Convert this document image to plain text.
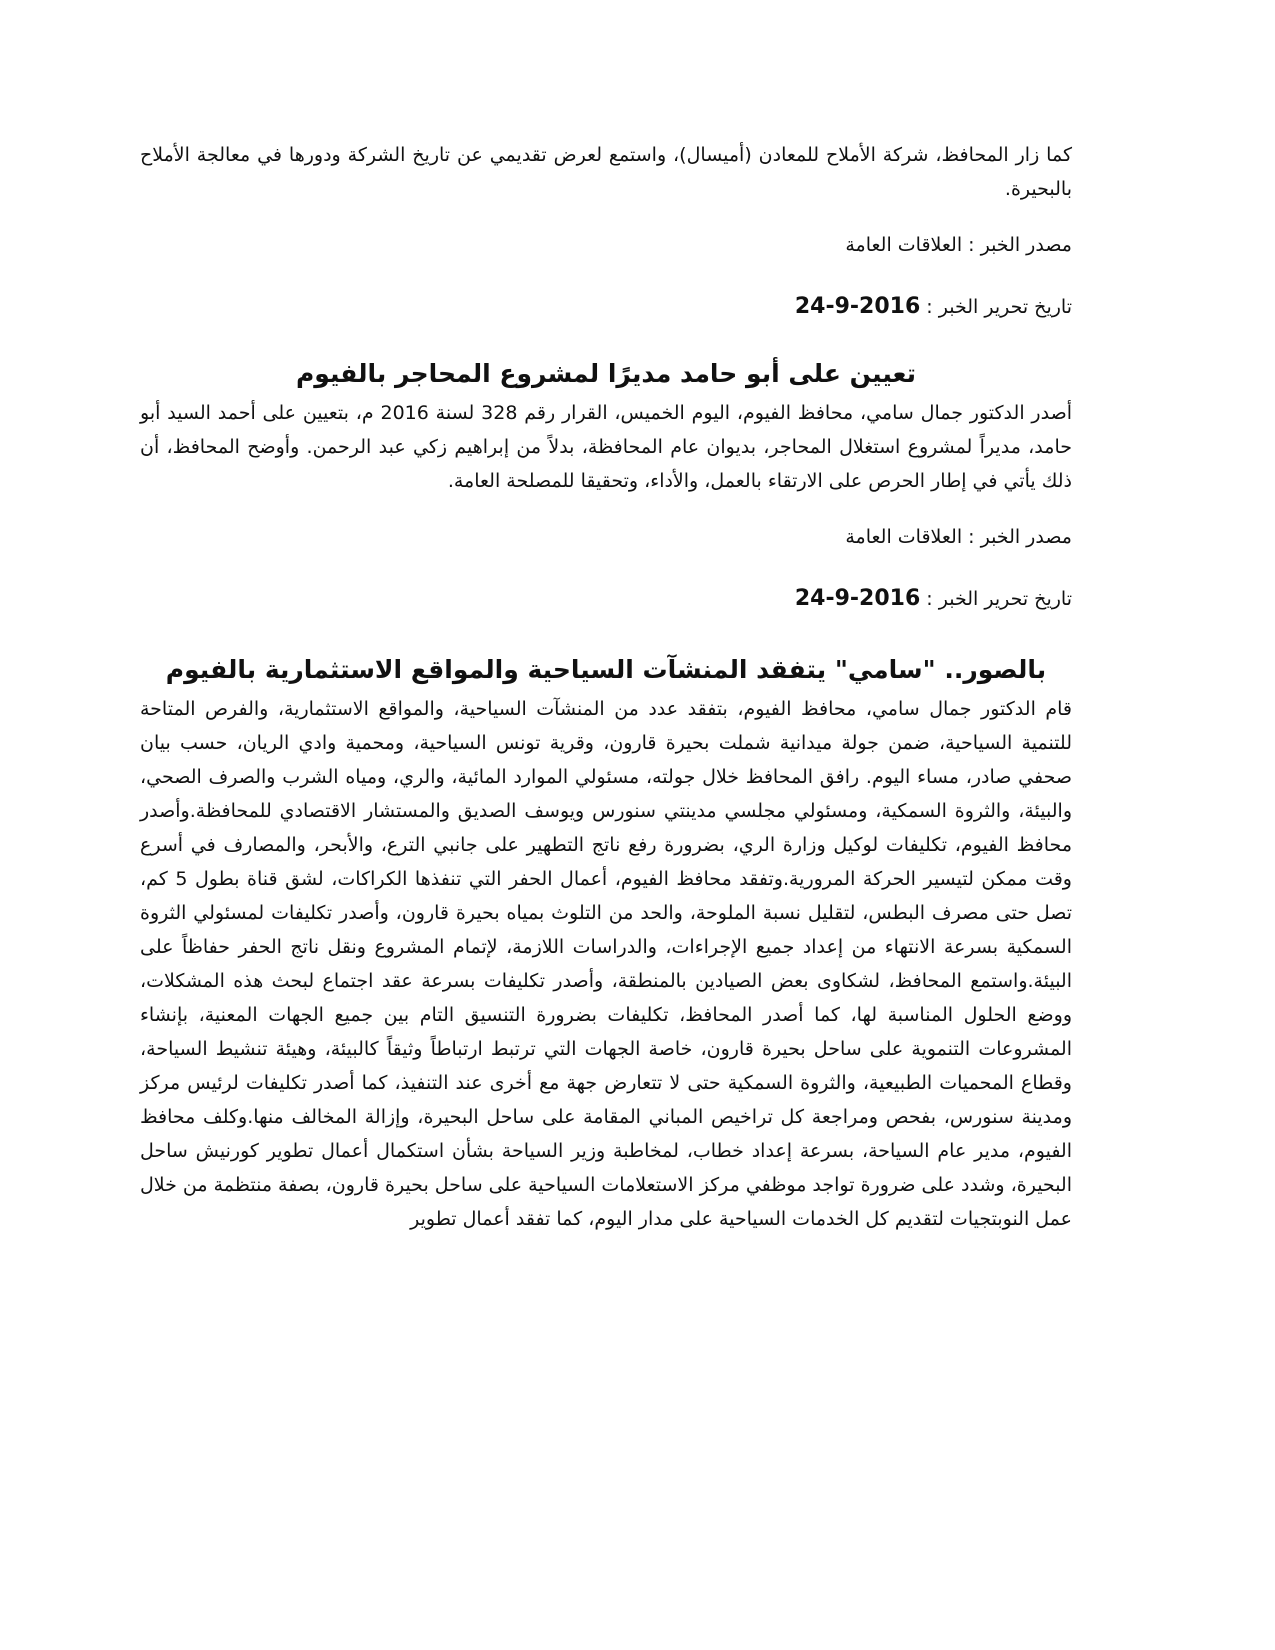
كما زار المحافظ، شركة الأملاح للمعادن (أميسال)، واستمع لعرض تقديمي عن تاريخ الشركة ودورها في معالجة الأملاح بالبحيرة.

مصدر الخبر : العلاقات العامة

تاريخ تحرير الخبر : 24-9-2016

تعيين على أبو حامد مديرًا لمشروع المحاجر بالفيوم

أصدر الدكتور جمال سامي، محافظ الفيوم، اليوم الخميس، القرار رقم 328 لسنة 2016 م، بتعيين على أحمد السيد أبو حامد، مديراً لمشروع استغلال المحاجر، بديوان عام المحافظة، بدلاً من إبراهيم زكي عبد الرحمن. وأوضح المحافظ، أن ذلك يأتي في إطار الحرص على الارتقاء بالعمل، والأداء، وتحقيقا للمصلحة العامة.

مصدر الخبر : العلاقات العامة

تاريخ تحرير الخبر : 24-9-2016

بالصور.. "سامي" يتفقد المنشآت السياحية والمواقع الاستثمارية بالفيوم

قام الدكتور جمال سامي، محافظ الفيوم، بتفقد عدد من المنشآت السياحية، والمواقع الاستثمارية، والفرص المتاحة للتنمية السياحية، ضمن جولة ميدانية شملت بحيرة قارون، وقرية تونس السياحية، ومحمية وادي الريان، حسب بيان صحفي صادر، مساء اليوم. رافق المحافظ خلال جولته، مسئولي الموارد المائية، والري، ومياه الشرب والصرف الصحي، والبيئة، والثروة السمكية، ومسئولي مجلسي مدينتي سنورس ويوسف الصديق والمستشار الاقتصادي للمحافظة.وأصدر محافظ الفيوم، تكليفات لوكيل وزارة الري، بضرورة رفع ناتج التطهير على جانبي الترع، والأبحر، والمصارف في أسرع وقت ممكن لتيسير الحركة المرورية.وتفقد محافظ الفيوم، أعمال الحفر التي تنفذها الكراكات، لشق قناة بطول 5 كم، تصل حتى مصرف البطس، لتقليل نسبة الملوحة، والحد من التلوث بمياه بحيرة قارون، وأصدر تكليفات لمسئولي الثروة السمكية بسرعة الانتهاء من إعداد جميع الإجراءات، والدراسات اللازمة، لإتمام المشروع ونقل ناتج الحفر حفاظاً على البيئة.واستمع المحافظ، لشكاوى بعض الصيادين بالمنطقة، وأصدر تكليفات بسرعة عقد اجتماع لبحث هذه المشكلات، ووضع الحلول المناسبة لها، كما أصدر المحافظ، تكليفات بضرورة التنسيق التام بين جميع الجهات المعنية، بإنشاء المشروعات التنموية على ساحل بحيرة قارون، خاصة الجهات التي ترتبط ارتباطاً وثيقاً كالبيئة، وهيئة تنشيط السياحة، وقطاع المحميات الطبيعية، والثروة السمكية حتى لا تتعارض جهة مع أخرى عند التنفيذ، كما أصدر تكليفات لرئيس مركز ومدينة سنورس، بفحص ومراجعة كل تراخيص المباني المقامة على ساحل البحيرة، وإزالة المخالف منها.وكلف محافظ الفيوم، مدير عام السياحة، بسرعة إعداد خطاب، لمخاطبة وزير السياحة بشأن استكمال أعمال تطوير كورنيش ساحل البحيرة، وشدد على ضرورة تواجد موظفي مركز الاستعلامات السياحية على ساحل بحيرة قارون، بصفة منتظمة من خلال عمل النوبتجيات لتقديم كل الخدمات السياحية على مدار اليوم، كما تفقد أعمال تطوير
